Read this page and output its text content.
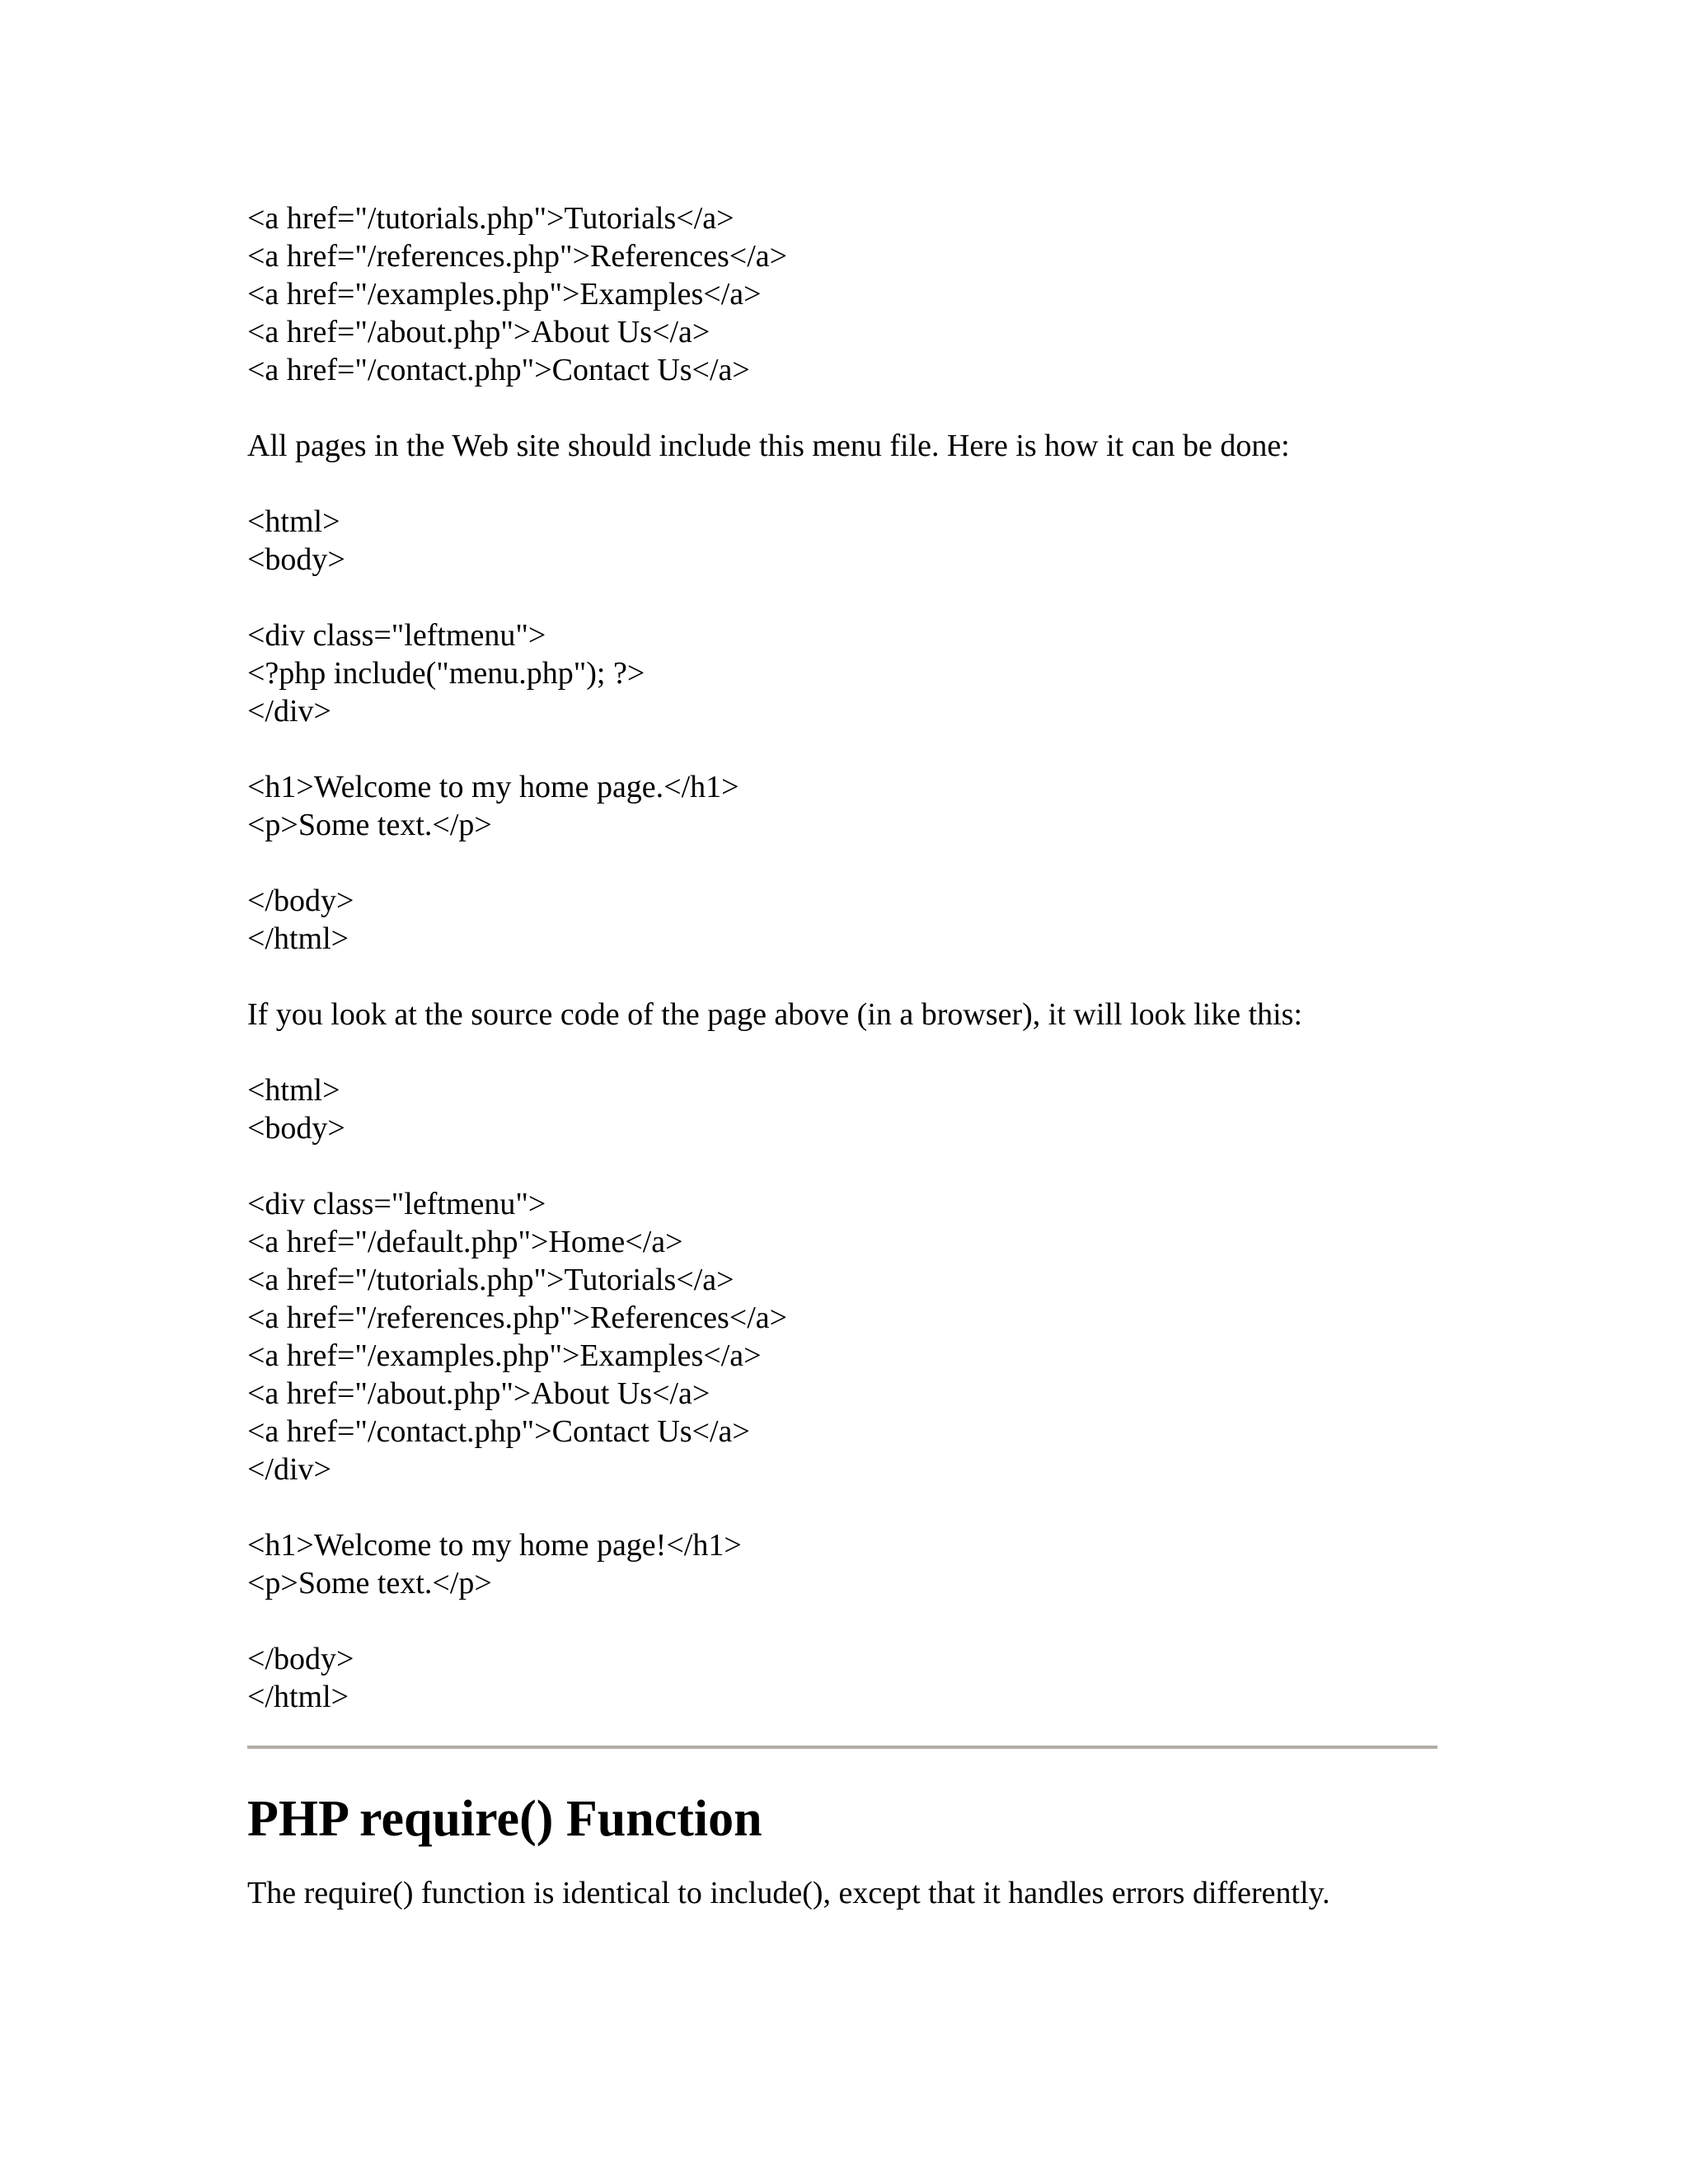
<a href="/tutorials.php">Tutorials</a>
<a href="/references.php">References</a>
<a href="/examples.php">Examples</a>
<a href="/about.php">About Us</a>
<a href="/contact.php">Contact Us</a>
All pages in the Web site should include this menu file. Here is how it can be done:
<html>
<body>
<div class="leftmenu">
<?php include("menu.php"); ?>
</div>
<h1>Welcome to my home page.</h1>
<p>Some text.</p>
</body>
</html>
If you look at the source code of the page above (in a browser), it will look like this:
<html>
<body>
<div class="leftmenu">
<a href="/default.php">Home</a>
<a href="/tutorials.php">Tutorials</a>
<a href="/references.php">References</a>
<a href="/examples.php">Examples</a>
<a href="/about.php">About Us</a>
<a href="/contact.php">Contact Us</a>
</div>
<h1>Welcome to my home page!</h1>
<p>Some text.</p>
</body>
</html>
PHP require() Function
The require() function is identical to include(), except that it handles errors differently.
